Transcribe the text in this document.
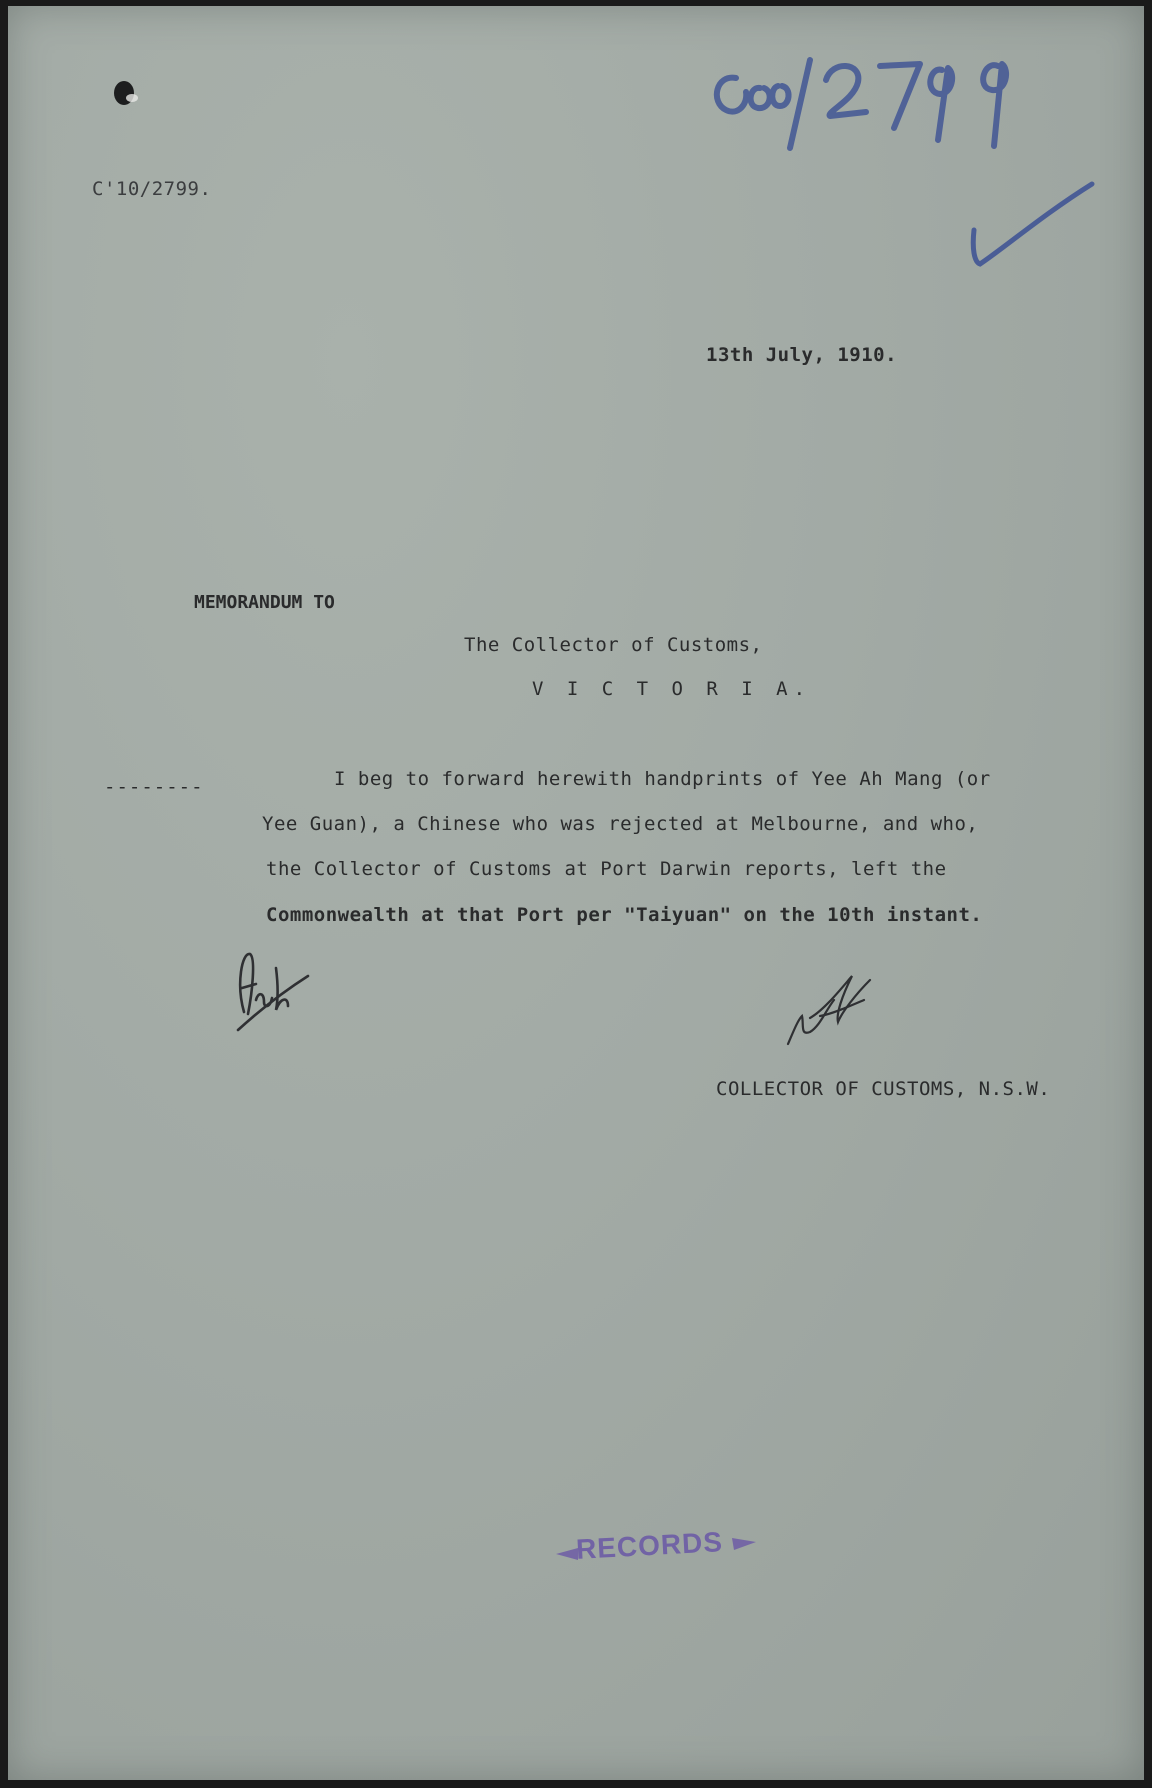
C'10/2799.
13th July, 1910.
MEMORANDUM TO
The Collector of Customs,
V I C T O R I A.
--------	I beg to forward herewith handprints of Yee Ah Mang (or
Yee Guan), a Chinese who was rejected at Melbourne, and who,
the Collector of Customs at Port Darwin reports, left the
Commonwealth at that Port per "Taiyuan" on the 10th instant.
COLLECTOR OF CUSTOMS, N.S.W.
RECORDS
